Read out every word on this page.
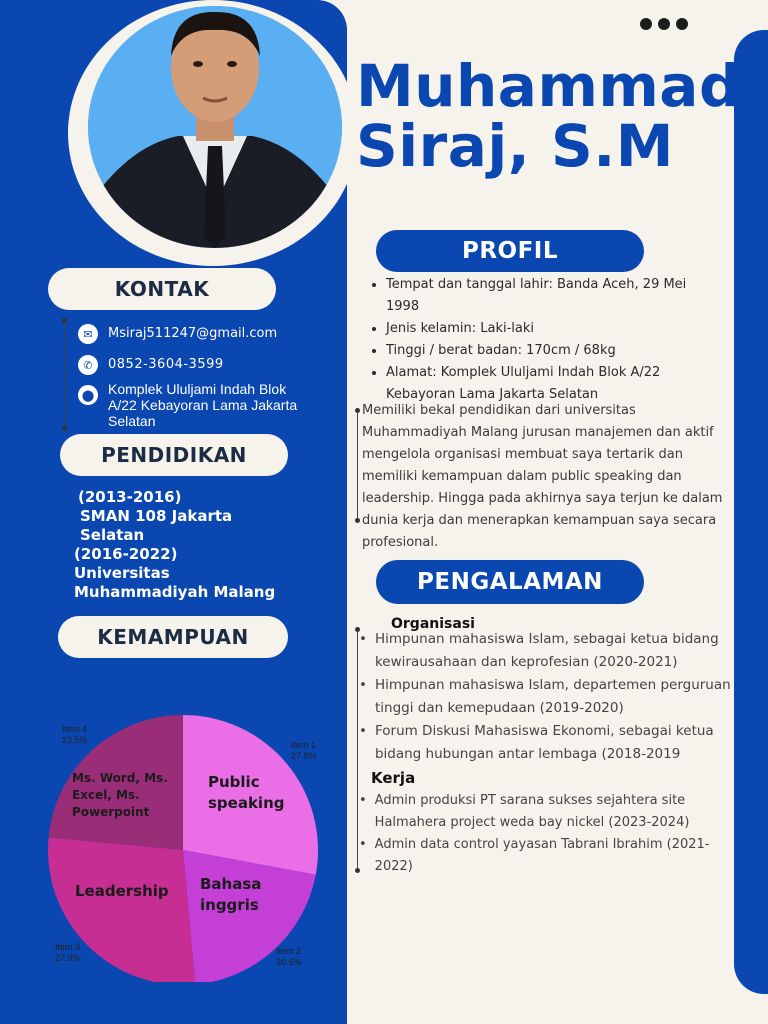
Muhammad
Siraj, S.M
KONTAK
✉	Msiraj511247@gmail.com
✆	0852-3604-3599
⬤ Komplek Ululjami Indah Blok A/22 Kebayoran Lama Jakarta Selatan
PENDIDIKAN
(2013-2016)
SMAN 108 Jakarta
Selatan
(2016-2022)
Universitas
Muhammadiyah Malang
KEMAMPUAN
Item 4
23.5%	Item 1
27.9%
Item 3
27.9%
Item 2
20.6%
Public speaking
Bahasa inggris
Leadership
Ms. Word, Ms. Excel, Ms. Powerpoint
PROFIL
• Tempat dan tanggal lahir: Banda Aceh, 29 Mei 1998
• Jenis kelamin: Laki-laki
• Tinggi / berat badan: 170cm / 68kg
• Alamat: Komplek Ululjami Indah Blok A/22 Kebayoran Lama Jakarta Selatan
Memiliki bekal pendidikan dari universitas Muhammadiyah Malang jurusan manajemen dan aktif mengelola organisasi membuat saya tertarik dan memiliki kemampuan dalam public speaking dan leadership. Hingga pada akhirnya saya terjun ke dalam dunia kerja dan menerapkan kemampuan saya secara profesional.
PENGALAMAN
Organisasi
• Himpunan mahasiswa Islam, sebagai ketua bidang kewirausahaan dan keprofesian (2020-2021)
• Himpunan mahasiswa Islam, departemen perguruan tinggi dan kemepudaan (2019-2020)
• Forum Diskusi Mahasiswa Ekonomi, sebagai ketua bidang hubungan antar lembaga (2018-2019
Kerja
• Admin produksi PT sarana sukses sejahtera site Halmahera project weda bay nickel (2023-2024)
• Admin data control yayasan Tabrani Ibrahim (2021-2022)
